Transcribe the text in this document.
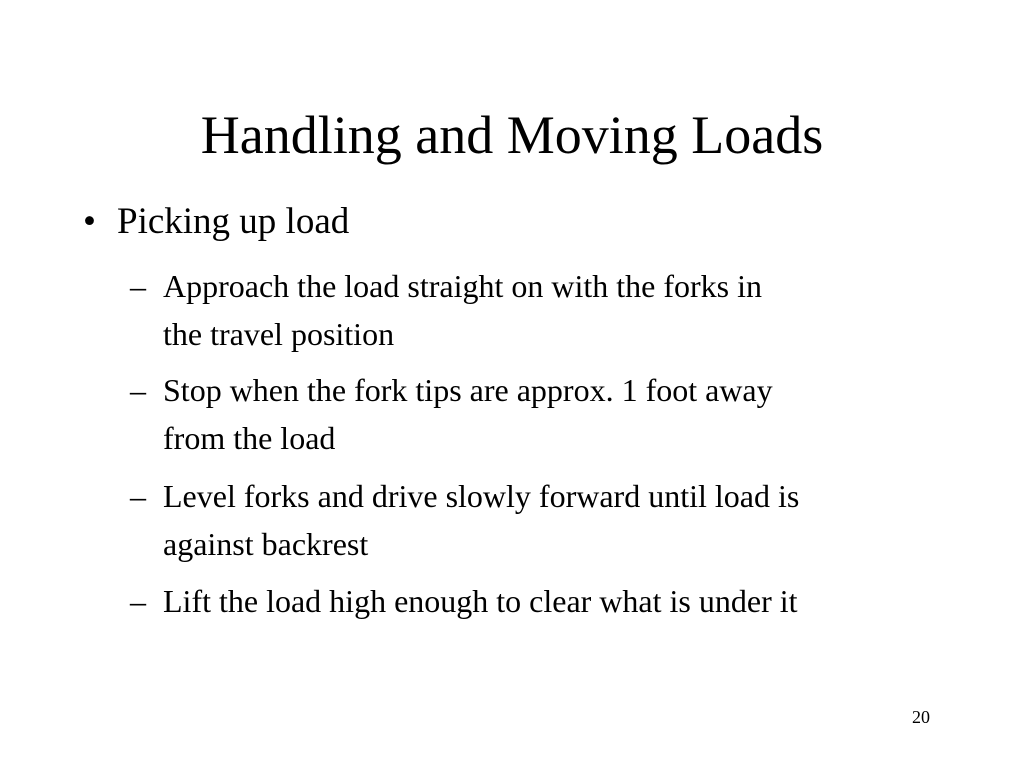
Handling and Moving Loads
• Picking up load
– Approach the load straight on with the forks in
the travel position
– Stop when the fork tips are approx. 1 foot away
from the load
– Level forks and drive slowly forward until load is
against backrest
– Lift the load high enough to clear what is under it
20
